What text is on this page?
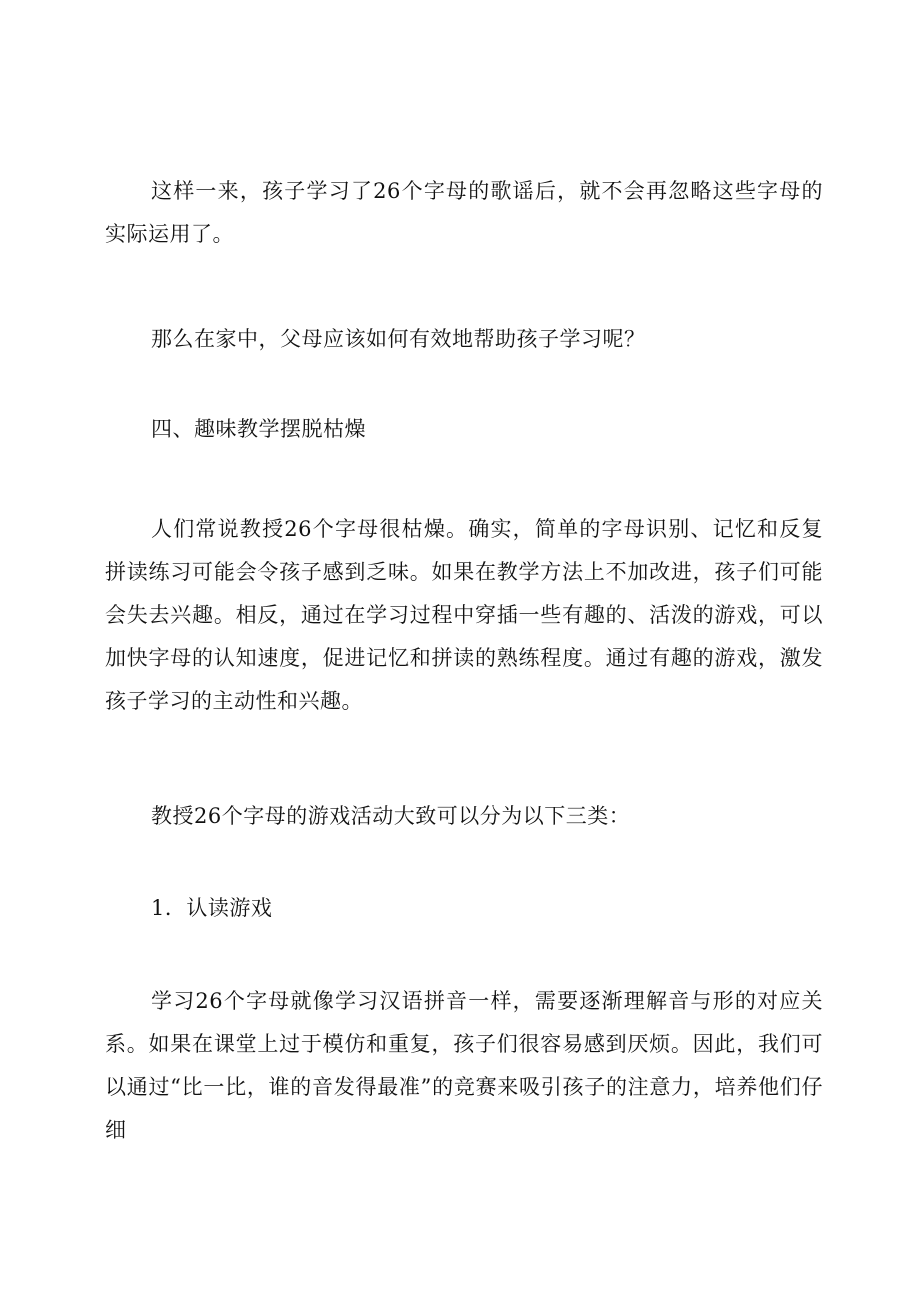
这样一来，孩子学习了26个字母的歌谣后，就不会再忽略这些字母的实际运用了。

那么在家中，父母应该如何有效地帮助孩子学习呢？

四、趣味教学摆脱枯燥

人们常说教授26个字母很枯燥。确实，简单的字母识别、记忆和反复拼读练习可能会令孩子感到乏味。如果在教学方法上不加改进，孩子们可能会失去兴趣。相反，通过在学习过程中穿插一些有趣的、活泼的游戏，可以加快字母的认知速度，促进记忆和拼读的熟练程度。通过有趣的游戏，激发孩子学习的主动性和兴趣。

教授26个字母的游戏活动大致可以分为以下三类：

1．认读游戏

学习26个字母就像学习汉语拼音一样，需要逐渐理解音与形的对应关系。如果在课堂上过于模仿和重复，孩子们很容易感到厌烦。因此，我们可以通过“比一比，谁的音发得最准”的竞赛来吸引孩子的注意力，培养他们仔细
